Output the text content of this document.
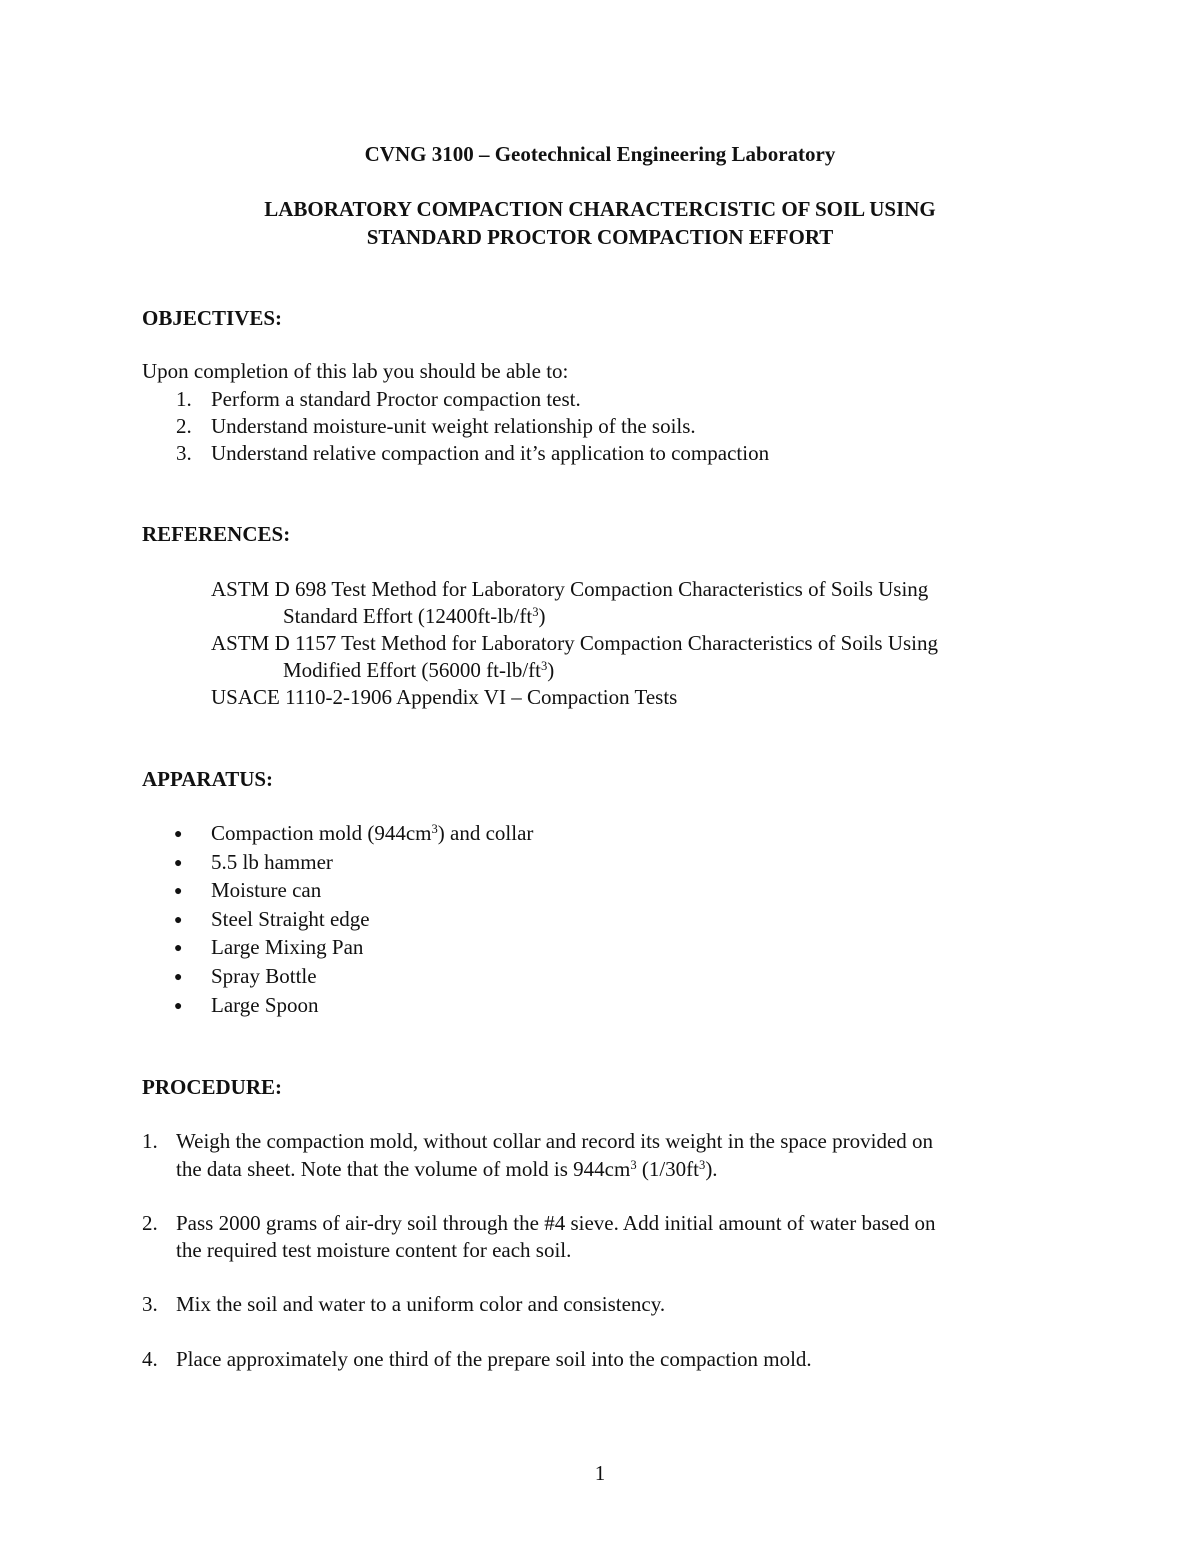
CVNG 3100 – Geotechnical Engineering Laboratory
LABORATORY COMPACTION CHARACTERCISTIC OF SOIL USING
STANDARD PROCTOR COMPACTION EFFORT
OBJECTIVES:
Upon completion of this lab you should be able to:
1. Perform a standard Proctor compaction test.
2. Understand moisture-unit weight relationship of the soils.
3. Understand relative compaction and it’s application to compaction
REFERENCES:
ASTM D 698 Test Method for Laboratory Compaction Characteristics of Soils Using
Standard Effort $(12400ft-lb/ft^3)$
ASTM D 1157 Test Method for Laboratory Compaction Characteristics of Soils Using
Modified Effort (56000 $ft-lb/ft^3$)
USACE 1110-2-1906 Appendix VI – Compaction Tests
APPARATUS:
● Compaction mold $(944cm^3)$ and collar
● 5.5 lb hammer
● Moisture can
● Steel Straight edge
● Large Mixing Pan
● Spray Bottle
● Large Spoon
PROCEDURE:
1. Weigh the compaction mold, without collar and record its weight in the space provided on
the data sheet. Note that the volume of mold is $944cm^3$ $(1/30ft^3)$.
2. Pass 2000 grams of air-dry soil through the #4 sieve. Add initial amount of water based on
the required test moisture content for each soil.
3. Mix the soil and water to a uniform color and consistency.
4. Place approximately one third of the prepare soil into the compaction mold.
1
